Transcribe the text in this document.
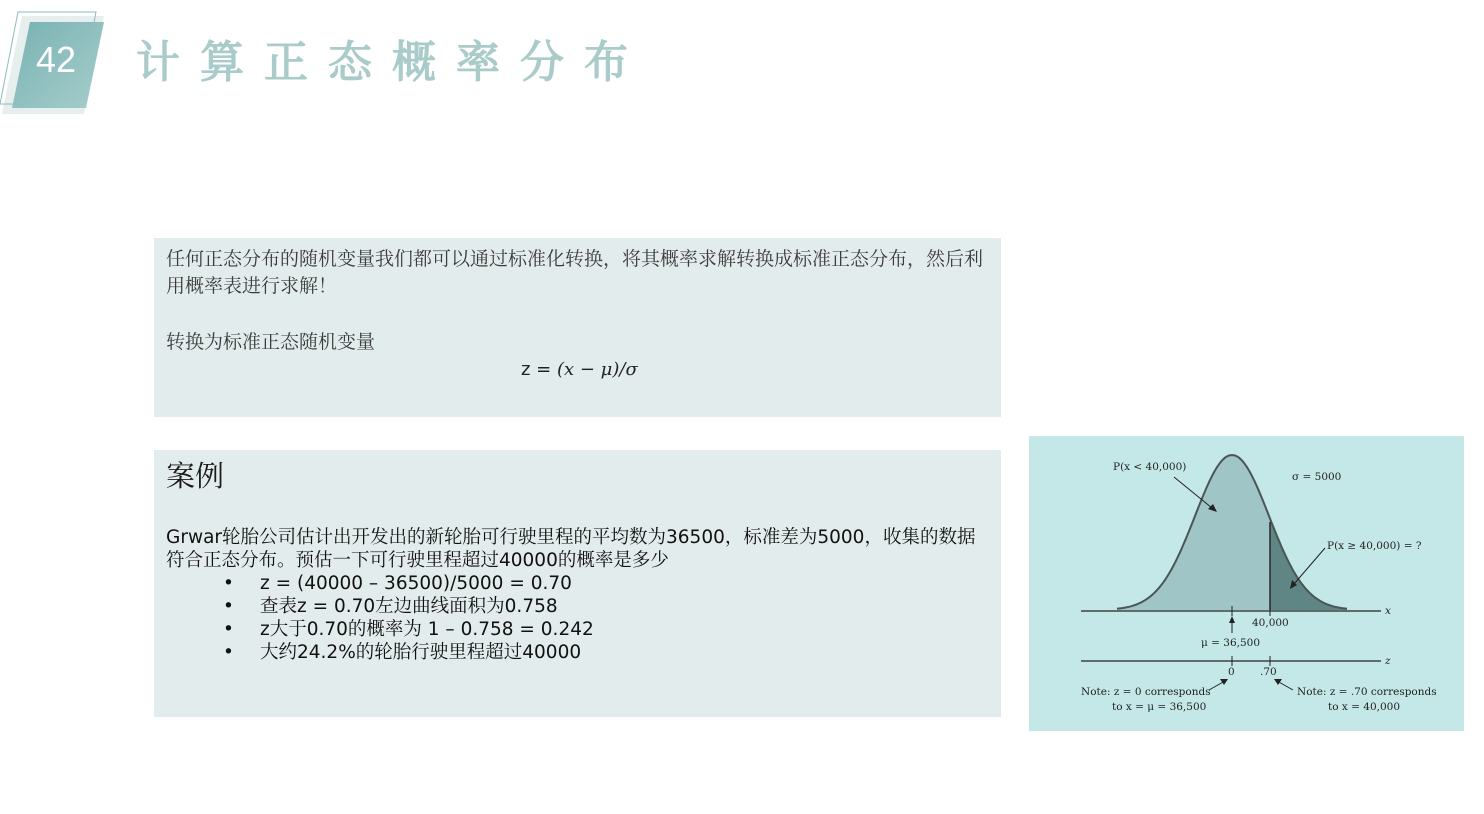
42 计算正态概率分布

任何正态分布的随机变量我们都可以通过标准化转换，将其概率求解转换成标准正态分布，然后利用概率表进行求解！

转换为标准正态随机变量
z = (x − μ)/σ
案例
Grwar轮胎公司估计出开发出的新轮胎可行驶里程的平均数为36500，标准差为5000，收集的数据符合正态分布。预估一下可行驶里程超过40000的概率是多少
• z = (40000 – 36500)/5000 = 0.70
• 查表z = 0.70左边曲线面积为0.758
• z大于0.70的概率为 1 – 0.758 = 0.242
• 大约24.2%的轮胎行驶里程超过40000
x
40,000
μ = 36,500
z
0 .70
P(x < 40,000)
σ = 5000
P(x ≥ 40,000) = ?
Note: z = 0 corresponds
to x = μ = 36,500
Note: z = .70 corresponds
to x = 40,000
